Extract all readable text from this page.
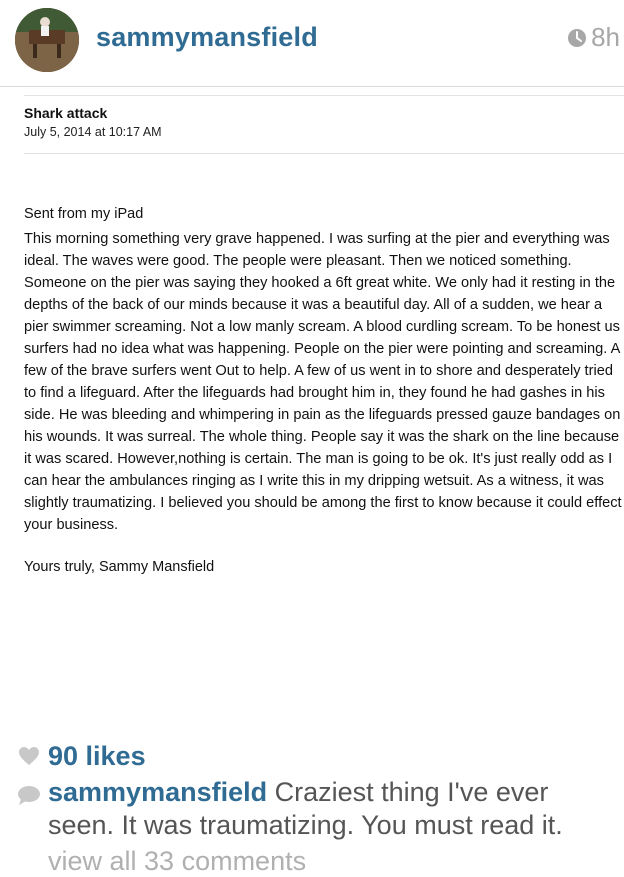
sammymansfield	8h
Shark attack
July 5, 2014 at 10:17 AM
Sent from my iPad
This morning something very grave happened. I was surfing at the pier and everything was ideal. The waves were good. The people were pleasant. Then we noticed something. Someone on the pier was saying they hooked a 6ft great white. We only had it resting in the depths of the back of our minds because it was a beautiful day. All of a sudden, we hear a pier swimmer screaming. Not a low manly scream. A blood curdling scream. To be honest us surfers had no idea what was happening. People on the pier were pointing and screaming. A few of the brave surfers went Out to help. A few of us went in to shore and desperately tried to find a lifeguard. After the lifeguards had brought him in, they found he had gashes in his side. He was bleeding and whimpering in pain as the lifeguards pressed gauze bandages on his wounds. It was surreal. The whole thing. People say it was the shark on the line because it was scared. However,nothing is certain. The man is going to be ok. It's just really odd as I can hear the ambulances ringing as I write this in my dripping wetsuit. As a witness, it was slightly traumatizing. I believed you should be among the first to know because it could effect your business.
Yours truly, Sammy Mansfield
90 likes
sammymansfield Craziest thing I've ever seen. It was traumatizing. You must read it.
view all 33 comments
